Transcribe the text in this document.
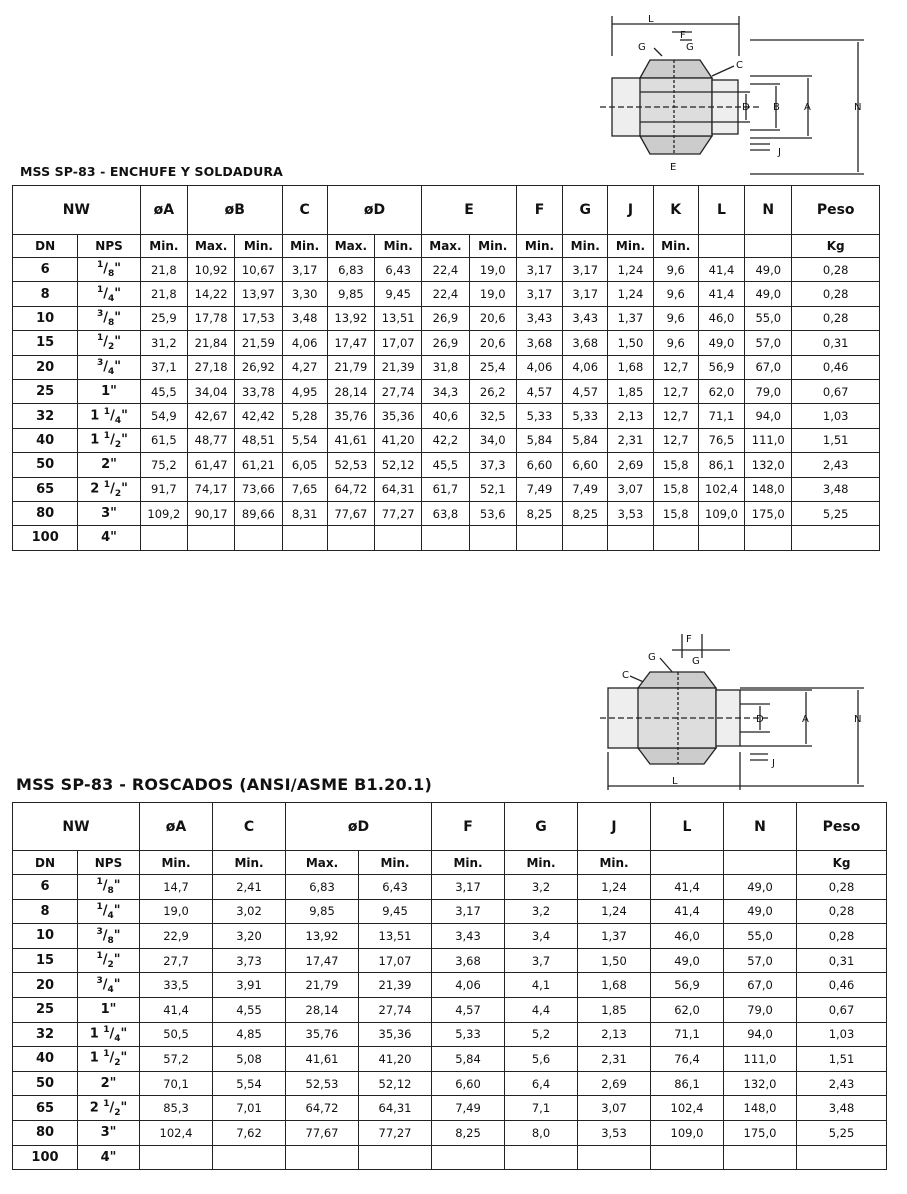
L
F
G	G
C
D B A	N
J
E
MSS SP-83 - ENCHUFE Y SOLDADURA
NW		øA	øB		C	øD		E		F	G	J	K	L	N	Peso
DN	NPS	Min.	Max.	Min.	Min.	Max.	Min.	Max.	Min.	Min.	Min.	Min.	Min.			Kg
6	$^1/_8$"	21,8	10,92	10,67	3,17	6,83	6,43	22,4	19,0	3,17	3,17	1,24	9,6	41,4	49,0	0,28
8	$^1/_4$"	21,8	14,22	13,97	3,30	9,85	9,45	22,4	19,0	3,17	3,17	1,24	9,6	41,4	49,0	0,28
10	$^3/_8$"	25,9	17,78	17,53	3,48	13,92	13,51	26,9	20,6	3,43	3,43	1,37	9,6	46,0	55,0	0,28
15	$^1/_2$"	31,2	21,84	21,59	4,06	17,47	17,07	26,9	20,6	3,68	3,68	1,50	9,6	49,0	57,0	0,31
20	$^3/_4$"	37,1	27,18	26,92	4,27	21,79	21,39	31,8	25,4	4,06	4,06	1,68	12,7	56,9	67,0	0,46
25	1"	45,5	34,04	33,78	4,95	28,14	27,74	34,3	26,2	4,57	4,57	1,85	12,7	62,0	79,0	0,67
32	1 $^1/_4$"	54,9	42,67	42,42	5,28	35,76	35,36	40,6	32,5	5,33	5,33	2,13	12,7	71,1	94,0	1,03
40	1 $^1/_2$"	61,5	48,77	48,51	5,54	41,61	41,20	42,2	34,0	5,84	5,84	2,31	12,7	76,5	111,0	1,51
50	2"	75,2	61,47	61,21	6,05	52,53	52,12	45,5	37,3	6,60	6,60	2,69	15,8	86,1	132,0	2,43
65	2 $^1/_2$"	91,7	74,17	73,66	7,65	64,72	64,31	61,7	52,1	7,49	7,49	3,07	15,8	102,4	148,0	3,48
80	3"	109,2	90,17	89,66	8,31	77,67	77,27	63,8	53,6	8,25	8,25	3,53	15,8	109,0	175,0	5,25
100	4"															
F
G	G
C
D	A	N
J
L
MSS SP-83 - ROSCADOS (ANSI/ASME B1.20.1)
NW		øA	C	øD		F	G	J	L	N	Peso
DN	NPS	Min.	Min.	Max.	Min.	Min.	Min.	Min.			Kg
6	$^1/_8$"	14,7	2,41	6,83	6,43	3,17	3,2	1,24	41,4	49,0	0,28
8	$^1/_4$"	19,0	3,02	9,85	9,45	3,17	3,2	1,24	41,4	49,0	0,28
10	$^3/_8$"	22,9	3,20	13,92	13,51	3,43	3,4	1,37	46,0	55,0	0,28
15	$^1/_2$"	27,7	3,73	17,47	17,07	3,68	3,7	1,50	49,0	57,0	0,31
20	$^3/_4$"	33,5	3,91	21,79	21,39	4,06	4,1	1,68	56,9	67,0	0,46
25	1"	41,4	4,55	28,14	27,74	4,57	4,4	1,85	62,0	79,0	0,67
32	1 $^1/_4$"	50,5	4,85	35,76	35,36	5,33	5,2	2,13	71,1	94,0	1,03
40	1 $^1/_2$"	57,2	5,08	41,61	41,20	5,84	5,6	2,31	76,4	111,0	1,51
50	2"	70,1	5,54	52,53	52,12	6,60	6,4	2,69	86,1	132,0	2,43
65	2 $^1/_2$"	85,3	7,01	64,72	64,31	7,49	7,1	3,07	102,4	148,0	3,48
80	3"	102,4	7,62	77,67	77,27	8,25	8,0	3,53	109,0	175,0	5,25
100	4"										
